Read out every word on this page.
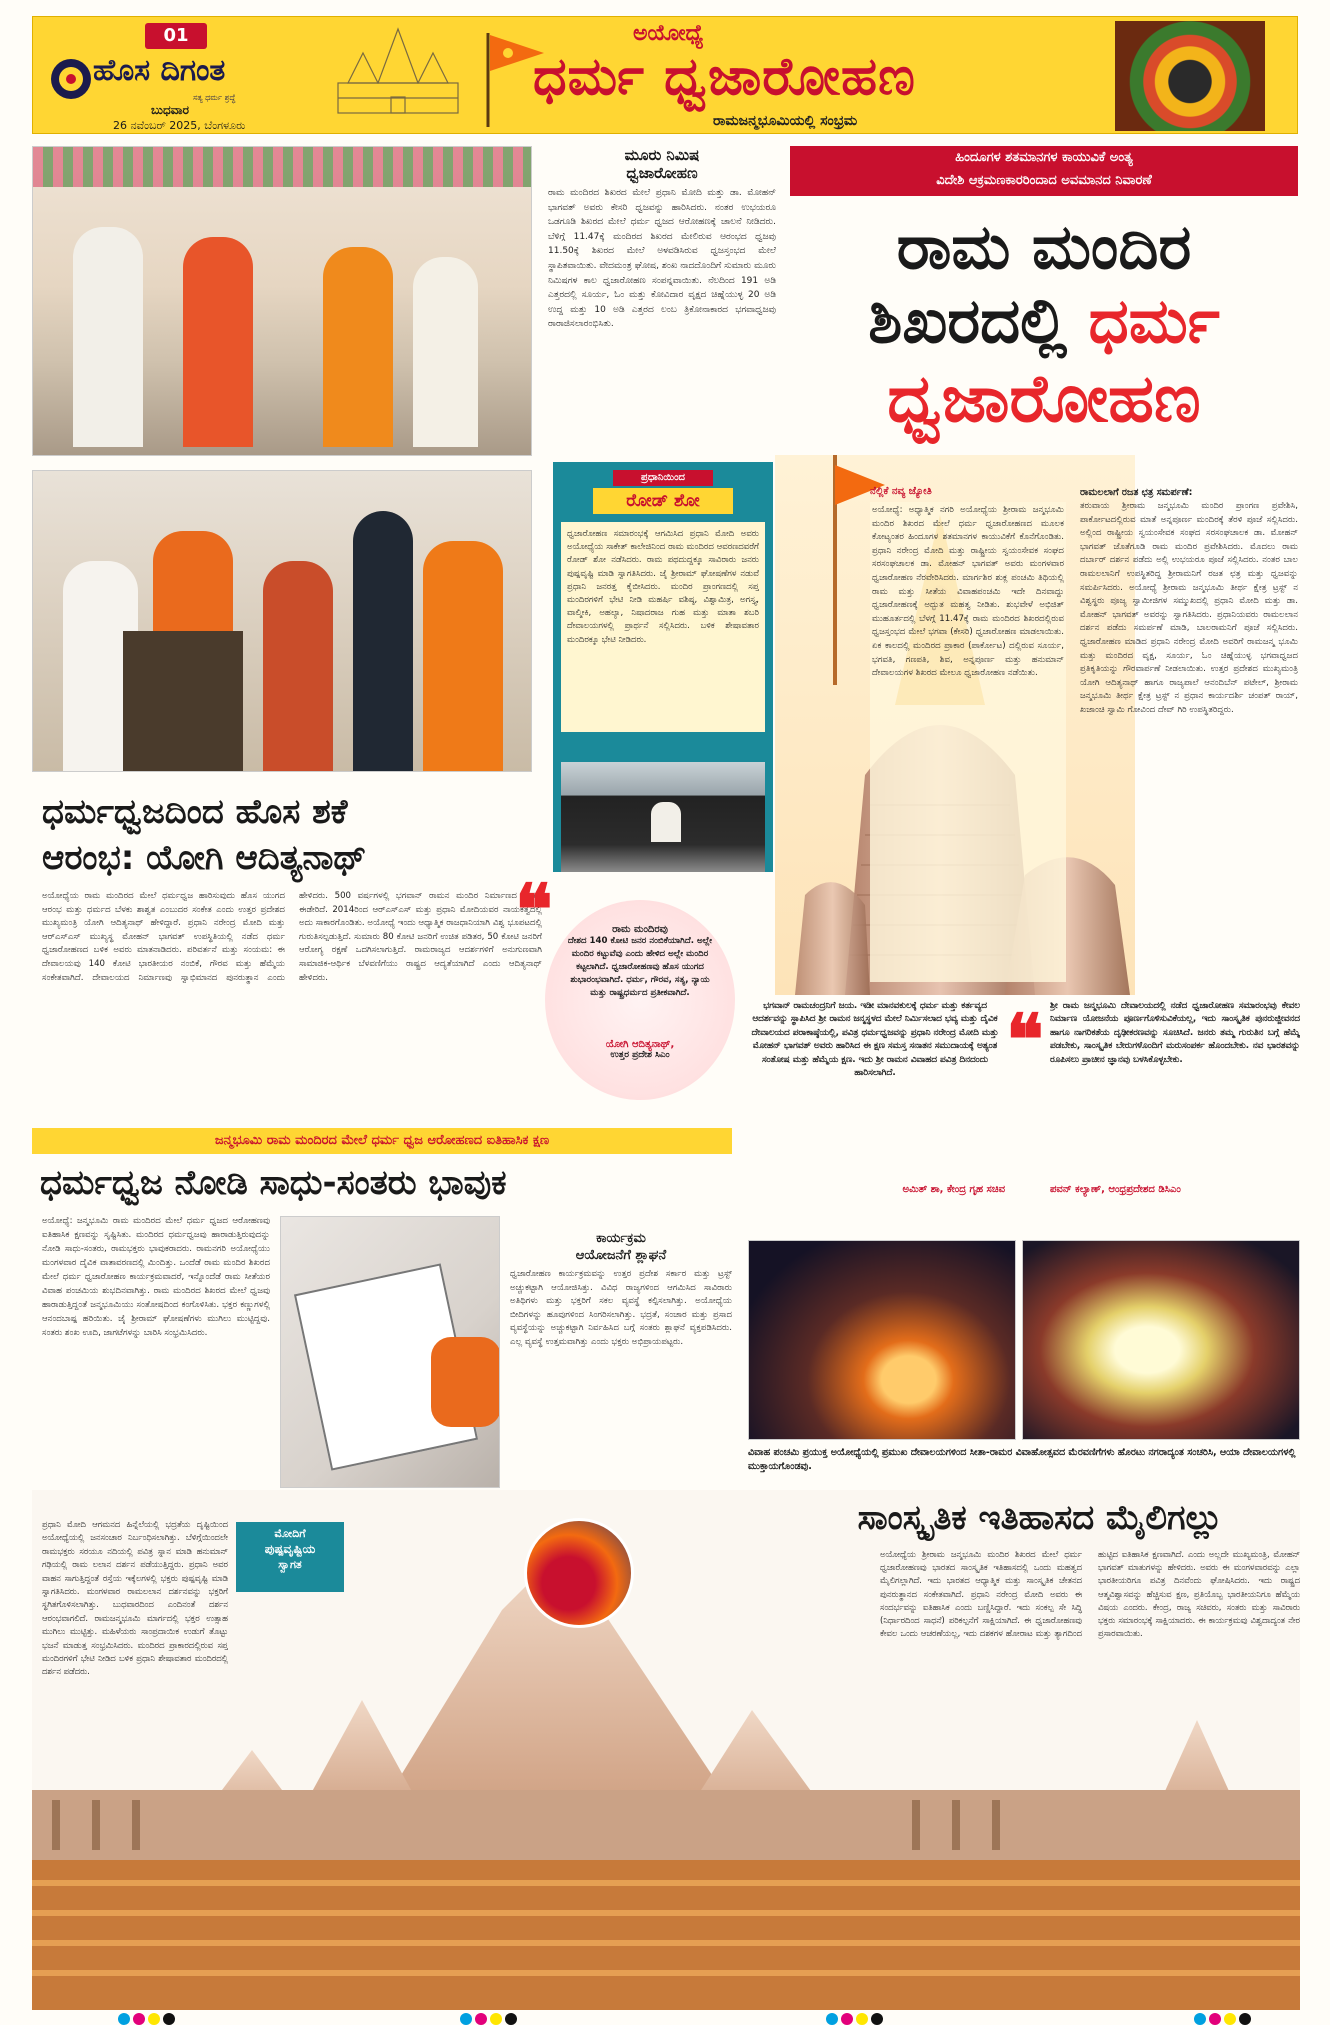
01
ಹೊಸ ದಿಗಂತ
ಸತ್ಯ ಧರ್ಮ ಶ್ರದ್ಧೆ
ಬುಧವಾರ
26 ನವೆಂಬರ್ 2025, ಬೆಂಗಳೂರು
ಅಯೋಧ್ಯೆ
ಧರ್ಮ ಧ್ವಜಾರೋಹಣ
ರಾಮಜನ್ಮಭೂಮಿಯಲ್ಲಿ ಸಂಭ್ರಮ
ಮೂರು ನಿಮಿಷ
ಧ್ವಜಾರೋಹಣ
ರಾಮ ಮಂದಿರದ ಶಿಖರದ ಮೇಲೆ ಪ್ರಧಾನಿ ಮೋದಿ ಮತ್ತು ಡಾ. ಮೋಹನ್ ಭಾಗವತ್ ಅವರು ಕೇಸರಿ ಧ್ವಜವನ್ನು ಹಾರಿಸಿದರು. ನಂತರ ಉಭಯರೂ ಒಡಗೂಡಿ ಶಿಖರದ ಮೇಲೆ ಧರ್ಮ ಧ್ವಜದ ಆರೋಹಣಕ್ಕೆ ಚಾಲನೆ ನೀಡಿದರು. ಬೆಳಿಗ್ಗೆ 11.47ಕ್ಕೆ ಮಂದಿರದ ಶಿಖರದ ಮೇಲಿರುವ ಆರಂಭದ ಧ್ವಜವು 11.50ಕ್ಕೆ ಶಿಖರದ ಮೇಲೆ ಅಳವಡಿಸಿರುವ ಧ್ವಜಸ್ತಂಭದ ಮೇಲೆ ಸ್ಥಾಪಿತವಾಯಿತು. ವೇದಮಂತ್ರ ಘೋಷ, ಶಂಖ ನಾದದೊಂದಿಗೆ ಸುಮಾರು ಮೂರು ನಿಮಿಷಗಳ ಕಾಲ ಧ್ವಜಾರೋಹಣ ಸಂಪನ್ನವಾಯಿತು. ನೆಲದಿಂದ 191 ಅಡಿ ಎತ್ತರದಲ್ಲಿ ಸೂರ್ಯ, ಓಂ ಮತ್ತು ಕೋವಿದಾರ ವೃಕ್ಷದ ಚಿಹ್ನೆಯುಳ್ಳ 20 ಅಡಿ ಉದ್ದ ಮತ್ತು 10 ಅಡಿ ಎತ್ತರದ ಲಂಬ ತ್ರಿಕೋನಾಕಾರದ ಭಗವಾಧ್ವಜವು ರಾರಾಜಿಸಲಾರಂಭಿಸಿತು.
ಹಿಂದೂಗಳ ಶತಮಾನಗಳ ಕಾಯುವಿಕೆ ಅಂತ್ಯ
ವಿದೇಶಿ ಆಕ್ರಮಣಕಾರರಿಂದಾದ ಅವಮಾನದ ನಿವಾರಣೆ
ರಾಮ ಮಂದಿರ
ಶಿಖರದಲ್ಲಿ ಧರ್ಮ
ಧ್ವಜಾರೋಹಣ
ಪ್ರಧಾನಿಯಿಂದ
ರೋಡ್ ಶೋ
ಧ್ವಜಾರೋಹಣ ಸಮಾರಂಭಕ್ಕೆ ಆಗಮಿಸಿದ ಪ್ರಧಾನಿ ಮೋದಿ ಅವರು ಅಯೋಧ್ಯೆಯ ಸಾಕೇತ್ ಕಾಲೇಜಿನಿಂದ ರಾಮ ಮಂದಿರದ ಆವರಣದವರೆಗೆ ರೋಡ್ ಶೋ ನಡೆಸಿದರು. ರಾಮ ಪಥದುದ್ದಕ್ಕೂ ಸಾವಿರಾರು ಜನರು ಪುಷ್ಪವೃಷ್ಟಿ ಮಾಡಿ ಸ್ವಾಗತಿಸಿದರು. ಜೈ ಶ್ರೀರಾಮ್ ಘೋಷಣೆಗಳ ನಡುವೆ ಪ್ರಧಾನಿ ಜನರತ್ತ ಕೈಬೀಸಿದರು. ಮಂದಿರ ಪ್ರಾಂಗಣದಲ್ಲಿ ಸಪ್ತ ಮಂದಿರಗಳಿಗೆ ಭೇಟಿ ನೀಡಿ ಮಹರ್ಷಿ ವಶಿಷ್ಠ, ವಿಶ್ವಾಮಿತ್ರ, ಅಗಸ್ತ್ಯ, ವಾಲ್ಮೀಕಿ, ಅಹಲ್ಯಾ, ನಿಷಾದರಾಜ ಗುಹ ಮತ್ತು ಮಾತಾ ಶಬರಿ ದೇವಾಲಯಗಳಲ್ಲಿ ಪ್ರಾರ್ಥನೆ ಸಲ್ಲಿಸಿದರು. ಬಳಿಕ ಶೇಷಾವತಾರ ಮಂದಿರಕ್ಕೂ ಭೇಟಿ ನೀಡಿದರು.
ನೆಲ್ಲಿಕೆ ನವ್ಯ ಜ್ಯೋತಿ
ಅಯೋಧ್ಯೆ: ಅಧ್ಯಾತ್ಮಿಕ ನಗರಿ ಅಯೋಧ್ಯೆಯ ಶ್ರೀರಾಮ ಜನ್ಮಭೂಮಿ ಮಂದಿರ ಶಿಖರದ ಮೇಲೆ ಧರ್ಮ ಧ್ವಜಾರೋಹಣದ ಮೂಲಕ ಕೋಟ್ಯಂತರ ಹಿಂದೂಗಳ ಶತಮಾನಗಳ ಕಾಯುವಿಕೆಗೆ ಕೊನೆಗೊಂಡಿತು. ಪ್ರಧಾನಿ ನರೇಂದ್ರ ಮೋದಿ ಮತ್ತು ರಾಷ್ಟ್ರೀಯ ಸ್ವಯಂಸೇವಕ ಸಂಘದ ಸರಸಂಘಚಾಲಕ ಡಾ. ಮೋಹನ್ ಭಾಗವತ್ ಅವರು ಮಂಗಳವಾರ ಧ್ವಜಾರೋಹಣ ನೆರವೇರಿಸಿದರು. ಮಾರ್ಗಶಿರ ಶುಕ್ಲ ಪಂಚಮಿ ತಿಥಿಯಲ್ಲಿ ರಾಮ ಮತ್ತು ಸೀತೆಯ ವಿವಾಹಪಂಚಮಿ ಇದೇ ದಿನವಾದ್ದು ಧ್ವಜಾರೋಹಣಕ್ಕೆ ಅದ್ಭುತ ಮಹತ್ವ ನೀಡಿತು. ಶುಭವೇಳೆ ಅಭಿಜಿತ್ ಮುಹೂರ್ತದಲ್ಲಿ ಬೆಳಗ್ಗೆ 11.47ಕ್ಕೆ ರಾಮ ಮಂದಿರದ ಶಿಖರದಲ್ಲಿರುವ ಧ್ವಜಸ್ತಂಭದ ಮೇಲೆ ಭಗವಾ (ಕೇಸರಿ) ಧ್ವಜಾರೋಹಣ ಮಾಡಲಾಯಿತು. ಏಕ ಕಾಲದಲ್ಲಿ ಮಂದಿರದ ಪ್ರಾಕಾರ (ಪಾರ್ಕೋಟ) ದಲ್ಲಿರುವ ಸೂರ್ಯ, ಭಗವತಿ, ಗಣಪತಿ, ಶಿವ, ಅನ್ನಪೂರ್ಣ ಮತ್ತು ಹನುಮಾನ್ ದೇವಾಲಯಗಳ ಶಿಖರದ ಮೇಲೂ ಧ್ವಜಾರೋಹಣ ನಡೆಯಿತು.
ರಾಮಲಲಾಗೆ ರಜತ ಛತ್ರ ಸಮರ್ಪಣೆ:
ತರುವಾಯ ಶ್ರೀರಾಮ ಜನ್ಮಭೂಮಿ ಮಂದಿರ ಪ್ರಾಂಗಣ ಪ್ರವೇಶಿಸಿ, ಪಾರ್ಕೋಟದಲ್ಲಿರುವ ಮಾತೆ ಅನ್ನಪೂರ್ಣ ಮಂದಿರಕ್ಕೆ ತೆರಳಿ ಪೂಜೆ ಸಲ್ಲಿಸಿದರು. ಅಲ್ಲಿಂದ ರಾಷ್ಟ್ರೀಯ ಸ್ವಯಂಸೇವಕ ಸಂಘದ ಸರಸಂಘಚಾಲಕ ಡಾ. ಮೋಹನ್ ಭಾಗವತ್ ಜೊತೆಗೂಡಿ ರಾಮ ಮಂದಿರ ಪ್ರವೇಶಿಸಿದರು. ಮೊದಲು ರಾಮ ದರ್ಬಾರ್ ದರ್ಶನ ಪಡೆದು ಅಲ್ಲಿ ಉಭಯರೂ ಪೂಜೆ ಸಲ್ಲಿಸಿದರು. ನಂತರ ಬಾಲ ರಾಮಲಲಾನಿಗೆ ಉಪಸ್ಥಿತರಿದ್ದ ಶ್ರೀರಾಮನಿಗೆ ರಜತ ಛತ್ರ ಮತ್ತು ಧ್ವಜವನ್ನು ಸಮರ್ಪಿಸಿದರು. ಅಯೋಧ್ಯೆ ಶ್ರೀರಾಮ ಜನ್ಮಭೂಮಿ ತೀರ್ಥ ಕ್ಷೇತ್ರ ಟ್ರಸ್ಟ್ ನ ವಿಶ್ವಸ್ಥರು ಪೂಜ್ಯ ಸ್ವಾಮೀಜಿಗಳ ಸಮ್ಮುಖದಲ್ಲಿ ಪ್ರಧಾನಿ ಮೋದಿ ಮತ್ತು ಡಾ. ಮೋಹನ್ ಭಾಗವತ್ ಅವರನ್ನು ಸ್ವಾಗತಿಸಿದರು. ಪ್ರಧಾನಿಯವರು ರಾಮಲಲಾನ ದರ್ಶನ ಪಡೆದು ಸಮರ್ಪಣೆ ಮಾಡಿ, ಬಾಲರಾಮನಿಗೆ ಪೂಜೆ ಸಲ್ಲಿಸಿದರು. ಧ್ವಜಾರೋಹಣ ಮಾಡಿದ ಪ್ರಧಾನಿ ನರೇಂದ್ರ ಮೋದಿ ಅವರಿಗೆ ರಾಮಜನ್ಮ ಭೂಮಿ ಮತ್ತು ಮಂದಿರದ ವೃಕ್ಷ, ಸೂರ್ಯ, ಓಂ ಚಿಹ್ನೆಯುಳ್ಳ ಭಗವಾಧ್ವಜದ ಪ್ರತಿಕೃತಿಯನ್ನು ಗೌರವಾರ್ಪಣೆ ನೀಡಲಾಯಿತು. ಉತ್ತರ ಪ್ರದೇಶದ ಮುಖ್ಯಮಂತ್ರಿ ಯೋಗಿ ಆದಿತ್ಯನಾಥ್ ಹಾಗೂ ರಾಜ್ಯಪಾಲೆ ಆನಂದಿಬೆನ್ ಪಟೇಲ್, ಶ್ರೀರಾಮ ಜನ್ಮಭೂಮಿ ತೀರ್ಥ ಕ್ಷೇತ್ರ ಟ್ರಸ್ಟ್ ನ ಪ್ರಧಾನ ಕಾರ್ಯದರ್ಶಿ ಚಂಪತ್ ರಾಯ್, ಖಜಾಂಚಿ ಸ್ವಾಮಿ ಗೋವಿಂದ ದೇವ್ ಗಿರಿ ಉಪಸ್ಥಿತರಿದ್ದರು.
ಧರ್ಮಧ್ವಜದಿಂದ ಹೊಸ ಶಕೆ
ಆರಂಭ: ಯೋಗಿ ಆದಿತ್ಯನಾಥ್
ಅಯೋಧ್ಯೆಯ ರಾಮ ಮಂದಿರದ ಮೇಲೆ ಧರ್ಮಧ್ವಜ ಹಾರಿಸುವುದು ಹೊಸ ಯುಗದ ಆರಂಭ ಮತ್ತು ಧರ್ಮದ ಬೆಳಕು ಶಾಶ್ವತ ಎಂಬುದರ ಸಂಕೇತ ಎಂದು ಉತ್ತರ ಪ್ರದೇಶದ ಮುಖ್ಯಮಂತ್ರಿ ಯೋಗಿ ಆದಿತ್ಯನಾಥ್ ಹೇಳಿದ್ದಾರೆ. ಪ್ರಧಾನಿ ನರೇಂದ್ರ ಮೋದಿ ಮತ್ತು ಆರ್‌ಎಸ್‌ಎಸ್ ಮುಖ್ಯಸ್ಥ ಮೋಹನ್ ಭಾಗವತ್ ಉಪಸ್ಥಿತಿಯಲ್ಲಿ ನಡೆದ ಧರ್ಮ ಧ್ವಜಾರೋಹಣದ ಬಳಿಕ ಅವರು ಮಾತನಾಡಿದರು. ಪರಿವರ್ತನೆ ಮತ್ತು ಸಂಯಮ: ಈ ದೇವಾಲಯವು 140 ಕೋಟಿ ಭಾರತೀಯರ ನಂಬಿಕೆ, ಗೌರವ ಮತ್ತು ಹೆಮ್ಮೆಯ ಸಂಕೇತವಾಗಿದೆ. ದೇವಾಲಯದ ನಿರ್ಮಾಣವು ಸ್ವಾಭಿಮಾನದ ಪುನರುತ್ಥಾನ ಎಂದು ಹೇಳಿದರು. 500 ವರ್ಷಗಳಲ್ಲಿ ಭಗವಾನ್ ರಾಮನ ಮಂದಿರ ನಿರ್ಮಾಣದ ಸಂಕಲ್ಪ ಈಡೇರಿದೆ. 2014ರಿಂದ ಆರ್‌ಎಸ್‌ಎಸ್ ಮತ್ತು ಪ್ರಧಾನಿ ಮೋದಿಯವರ ನಾಯಕತ್ವದಲ್ಲಿ ಅದು ಸಾಕಾರಗೊಂಡಿತು. ಅಯೋಧ್ಯೆ ಇಂದು ಆಧ್ಯಾತ್ಮಿಕ ರಾಜಧಾನಿಯಾಗಿ ವಿಶ್ವ ಭೂಪಟದಲ್ಲಿ ಗುರುತಿಸಲ್ಪಡುತ್ತಿದೆ. ಸುಮಾರು 80 ಕೋಟಿ ಜನರಿಗೆ ಉಚಿತ ಪಡಿತರ, 50 ಕೋಟಿ ಜನರಿಗೆ ಆರೋಗ್ಯ ರಕ್ಷಣೆ ಒದಗಿಸಲಾಗುತ್ತಿದೆ. ರಾಮರಾಜ್ಯದ ಆದರ್ಶಗಳಿಗೆ ಅನುಗುಣವಾಗಿ ಸಾಮಾಜಿಕ-ಆರ್ಥಿಕ ಬೆಳವಣಿಗೆಯು ರಾಷ್ಟ್ರದ ಆದ್ಯತೆಯಾಗಿದೆ ಎಂದು ಆದಿತ್ಯನಾಥ್ ಹೇಳಿದರು.
❝	ರಾಮ ಮಂದಿರವು
ದೇಶದ 140 ಕೋಟಿ ಜನರ ನಂಬಿಕೆಯಾಗಿದೆ. ಅಲ್ಲೇ ಮಂದಿರ ಕಟ್ಟುವೆವು ಎಂದು ಹೇಳಿದ ಅಲ್ಲೇ ಮಂದಿರ ಕಟ್ಟಲಾಗಿದೆ. ಧ್ವಜಾರೋಹಣವು ಹೊಸ ಯುಗದ ಶುಭಾರಂಭವಾಗಿದೆ. ಧರ್ಮ, ಗೌರವ, ಸತ್ಯ, ನ್ಯಾಯ ಮತ್ತು ರಾಷ್ಟ್ರಧರ್ಮದ ಪ್ರತೀಕವಾಗಿದೆ.
ಯೋಗಿ ಆದಿತ್ಯನಾಥ್,
ಉತ್ತರ ಪ್ರದೇಶ ಸಿಎಂ
ಜನ್ಮಭೂಮಿ ರಾಮ ಮಂದಿರದ ಮೇಲೆ ಧರ್ಮ ಧ್ವಜ ಆರೋಹಣದ ಐತಿಹಾಸಿಕ ಕ್ಷಣ
ಧರ್ಮಧ್ವಜ ನೋಡಿ ಸಾಧು-ಸಂತರು ಭಾವುಕ
ಅಯೋಧ್ಯೆ: ಜನ್ಮಭೂಮಿ ರಾಮ ಮಂದಿರದ ಮೇಲೆ ಧರ್ಮ ಧ್ವಜದ ಆರೋಹಣವು ಐತಿಹಾಸಿಕ ಕ್ಷಣವನ್ನು ಸೃಷ್ಟಿಸಿತು. ಮಂದಿರದ ಧರ್ಮಧ್ವಜವು ಹಾರಾಡುತ್ತಿರುವುದನ್ನು ನೋಡಿ ಸಾಧು-ಸಂತರು, ರಾಮಭಕ್ತರು ಭಾವುಕರಾದರು. ರಾಮನಗರಿ ಅಯೋಧ್ಯೆಯು ಮಂಗಳವಾರ ದೈವಿಕ ವಾತಾವರಣದಲ್ಲಿ ಮಿಂದಿತ್ತು. ಒಂದೆಡೆ ರಾಮ ಮಂದಿರ ಶಿಖರದ ಮೇಲೆ ಧರ್ಮ ಧ್ವಜಾರೋಹಣ ಕಾರ್ಯಕ್ರಮವಾದರೆ, ಇನ್ನೊಂದೆಡೆ ರಾಮ ಸೀತೆಯರ ವಿವಾಹ ಪಂಚಮಿಯ ಶುಭದಿನವಾಗಿತ್ತು. ರಾಮ ಮಂದಿರದ ಶಿಖರದ ಮೇಲೆ ಧ್ವಜವು ಹಾರಾಡುತ್ತಿದ್ದಂತೆ ಜನ್ಮಭೂಮಿಯು ಸಂತೋಷದಿಂದ ಕಂಗೊಳಿಸಿತು. ಭಕ್ತರ ಕಣ್ಣುಗಳಲ್ಲಿ ಆನಂದಬಾಷ್ಪ ಹರಿಯಿತು. ಜೈ ಶ್ರೀರಾಮ್ ಘೋಷಣೆಗಳು ಮುಗಿಲು ಮುಟ್ಟಿದ್ದವು. ಸಂತರು ಶಂಖ ಊದಿ, ಜಾಗಟೆಗಳನ್ನು ಬಾರಿಸಿ ಸಂಭ್ರಮಿಸಿದರು.
ಕಾರ್ಯಕ್ರಮ
ಆಯೋಜನೆಗೆ ಶ್ಲಾಘನೆ
ಧ್ವಜಾರೋಹಣ ಕಾರ್ಯಕ್ರಮವನ್ನು ಉತ್ತರ ಪ್ರದೇಶ ಸರ್ಕಾರ ಮತ್ತು ಟ್ರಸ್ಟ್ ಅಚ್ಚುಕಟ್ಟಾಗಿ ಆಯೋಜಿಸಿತ್ತು. ವಿವಿಧ ರಾಜ್ಯಗಳಿಂದ ಆಗಮಿಸಿದ ಸಾವಿರಾರು ಅತಿಥಿಗಳು ಮತ್ತು ಭಕ್ತರಿಗೆ ಸಕಲ ವ್ಯವಸ್ಥೆ ಕಲ್ಪಿಸಲಾಗಿತ್ತು. ಅಯೋಧ್ಯೆಯ ಬೀದಿಗಳನ್ನು ಹೂವುಗಳಿಂದ ಸಿಂಗರಿಸಲಾಗಿತ್ತು. ಭದ್ರತೆ, ಸಂಚಾರ ಮತ್ತು ಪ್ರಸಾದ ವ್ಯವಸ್ಥೆಯನ್ನು ಅಚ್ಚುಕಟ್ಟಾಗಿ ನಿರ್ವಹಿಸಿದ ಬಗ್ಗೆ ಸಂತರು ಶ್ಲಾಘನೆ ವ್ಯಕ್ತಪಡಿಸಿದರು. ಎಲ್ಲ ವ್ಯವಸ್ಥೆ ಉತ್ತಮವಾಗಿತ್ತು ಎಂದು ಭಕ್ತರು ಅಭಿಪ್ರಾಯಪಟ್ಟರು.
ಭಗವಾನ್ ರಾಮಚಂದ್ರನಿಗೆ ಜಯ. ಇಡೀ ಮಾನವಕುಲಕ್ಕೆ ಧರ್ಮ ಮತ್ತು ಕರ್ತವ್ಯದ ಆದರ್ಶವನ್ನು ಸ್ಥಾಪಿಸಿದ ಶ್ರೀ ರಾಮನ ಜನ್ಮಸ್ಥಳದ ಮೇಲೆ ನಿರ್ಮಿಸಲಾದ ಭವ್ಯ ಮತ್ತು ದೈವಿಕ ದೇವಾಲಯದ ಪರಾಕಾಷ್ಠೆಯಲ್ಲಿ, ಪವಿತ್ರ ಧರ್ಮಧ್ವಜವನ್ನು ಪ್ರಧಾನಿ ನರೇಂದ್ರ ಮೋದಿ ಮತ್ತು ಮೋಹನ್ ಭಾಗವತ್ ಅವರು ಹಾರಿಸಿದ ಈ ಕ್ಷಣ ಸಮಸ್ತ ಸನಾತನ ಸಮುದಾಯಕ್ಕೆ ಅತ್ಯಂತ ಸಂತೋಷ ಮತ್ತು ಹೆಮ್ಮೆಯ ಕ್ಷಣ. ಇದು ಶ್ರೀ ರಾಮನ ವಿವಾಹದ ಪವಿತ್ರ ದಿನದಂದು ಹಾರಿಸಲಾಗಿದೆ.
ಅಮಿತ್ ಶಾ, ಕೇಂದ್ರ ಗೃಹ ಸಚಿವ
❝ ಶ್ರೀ ರಾಮ ಜನ್ಮಭೂಮಿ ದೇವಾಲಯದಲ್ಲಿ ನಡೆದ ಧ್ವಜಾರೋಹಣ ಸಮಾರಂಭವು ಕೇವಲ ನಿರ್ಮಾಣ ಯೋಜನೆಯ ಪೂರ್ಣಗೊಳಿಸುವಿಕೆಯಲ್ಲ, ಇದು ಸಾಂಸ್ಕೃತಿಕ ಪುನರುಜ್ಜೀವನದ ಹಾಗೂ ನಾಗರಿಕತೆಯ ದೃಢೀಕರಣವನ್ನು ಸೂಚಿಸಿದೆ. ಜನರು ತಮ್ಮ ಗುರುತಿನ ಬಗ್ಗೆ ಹೆಮ್ಮೆ ಪಡಬೇಕು, ಸಾಂಸ್ಕೃತಿಕ ಬೇರುಗಳೊಂದಿಗೆ ಮರುಸಂಪರ್ಕ ಹೊಂದಬೇಕು. ನವ ಭಾರತವನ್ನು ರೂಪಿಸಲು ಪ್ರಾಚೀನ ಜ್ಞಾನವು ಬಳಸಿಕೊಳ್ಳಬೇಕು.
ಪವನ್ ಕಲ್ಯಾಣ್, ಆಂಧ್ರಪ್ರದೇಶದ ಡಿಸಿಎಂ
ವಿವಾಹ ಪಂಚಮಿ ಪ್ರಯುಕ್ತ ಅಯೋಧ್ಯೆಯಲ್ಲಿ ಪ್ರಮುಖ ದೇವಾಲಯಗಳಿಂದ ಸೀತಾ-ರಾಮರ ವಿವಾಹೋತ್ಸವದ ಮೆರವಣಿಗೆಗಳು ಹೊರಟು ನಗರಾದ್ಯಂತ ಸಂಚರಿಸಿ, ಆಯಾ ದೇವಾಲಯಗಳಲ್ಲಿ ಮುಕ್ತಾಯಗೊಂಡವು.
ಮೋದಿಗೆ
ಪುಷ್ಪವೃಷ್ಟಿಯ
ಸ್ವಾಗತ
ಪ್ರಧಾನಿ ಮೋದಿ ಆಗಮನದ ಹಿನ್ನೆಲೆಯಲ್ಲಿ ಭದ್ರತೆಯ ದೃಷ್ಟಿಯಿಂದ ಅಯೋಧ್ಯೆಯಲ್ಲಿ ಜನಸಂಚಾರ ನಿರ್ಬಂಧಿಸಲಾಗಿತ್ತು. ಬೆಳಿಗ್ಗೆಯಿಂದಲೇ ರಾಮಭಕ್ತರು ಸರಯೂ ನದಿಯಲ್ಲಿ ಪವಿತ್ರ ಸ್ನಾನ ಮಾಡಿ ಹನುಮಾನ್ ಗಢಿಯಲ್ಲಿ ರಾಮ ಲಲಾನ ದರ್ಶನ ಪಡೆಯುತ್ತಿದ್ದರು. ಪ್ರಧಾನಿ ಅವರ ವಾಹನ ಸಾಗುತ್ತಿದ್ದಂತೆ ರಸ್ತೆಯ ಇಕ್ಕೆಲಗಳಲ್ಲಿ ಭಕ್ತರು ಪುಷ್ಪವೃಷ್ಟಿ ಮಾಡಿ ಸ್ವಾಗತಿಸಿದರು. ಮಂಗಳವಾರ ರಾಮಲಲಾನ ದರ್ಶನವನ್ನು ಭಕ್ತರಿಗೆ ಸ್ಥಗಿತಗೊಳಿಸಲಾಗಿತ್ತು. ಬುಧವಾರದಿಂದ ಎಂದಿನಂತೆ ದರ್ಶನ ಆರಂಭವಾಗಲಿದೆ. ರಾಮಜನ್ಮಭೂಮಿ ಮಾರ್ಗದಲ್ಲಿ ಭಕ್ತರ ಉತ್ಸಾಹ ಮುಗಿಲು ಮುಟ್ಟಿತ್ತು. ಮಹಿಳೆಯರು ಸಾಂಪ್ರದಾಯಿಕ ಉಡುಗೆ ತೊಟ್ಟು ಭಜನೆ ಮಾಡುತ್ತ ಸಂಭ್ರಮಿಸಿದರು. ಮಂದಿರದ ಪ್ರಾಕಾರದಲ್ಲಿರುವ ಸಪ್ತ ಮಂದಿರಗಳಿಗೆ ಭೇಟಿ ನೀಡಿದ ಬಳಿಕ ಪ್ರಧಾನಿ ಶೇಷಾವತಾರ ಮಂದಿರದಲ್ಲಿ ದರ್ಶನ ಪಡೆದರು.
ಸಾಂಸ್ಕೃತಿಕ ಇತಿಹಾಸದ ಮೈಲಿಗಲ್ಲು
ಅಯೋಧ್ಯೆಯ ಶ್ರೀರಾಮ ಜನ್ಮಭೂಮಿ ಮಂದಿರ ಶಿಖರದ ಮೇಲೆ ಧರ್ಮ ಧ್ವಜಾರೋಹಣವು ಭಾರತದ ಸಾಂಸ್ಕೃತಿಕ ಇತಿಹಾಸದಲ್ಲಿ ಒಂದು ಮಹತ್ವದ ಮೈಲಿಗಲ್ಲಾಗಿದೆ. ಇದು ಭಾರತದ ಆಧ್ಯಾತ್ಮಿಕ ಮತ್ತು ಸಾಂಸ್ಕೃತಿಕ ಚೇತನದ ಪುನರುತ್ಥಾನದ ಸಂಕೇತವಾಗಿದೆ. ಪ್ರಧಾನಿ ನರೇಂದ್ರ ಮೋದಿ ಅವರು ಈ ಸಂದರ್ಭವನ್ನು ಐತಿಹಾಸಿಕ ಎಂದು ಬಣ್ಣಿಸಿದ್ದಾರೆ. ಇದು ಸಂಕಲ್ಪ ಸೇ ಸಿದ್ಧಿ (ನಿರ್ಧಾರದಿಂದ ಸಾಧನೆ) ಪರಿಕಲ್ಪನೆಗೆ ಸಾಕ್ಷಿಯಾಗಿದೆ. ಈ ಧ್ವಜಾರೋಹಣವು ಕೇವಲ ಒಂದು ಆಚರಣೆಯಲ್ಲ, ಇದು ದಶಕಗಳ ಹೋರಾಟ ಮತ್ತು ತ್ಯಾಗದಿಂದ ಹುಟ್ಟಿದ ಐತಿಹಾಸಿಕ ಕ್ಷಣವಾಗಿದೆ. ಎಂದು ಅಲ್ಲದೇ ಮುಖ್ಯಮಂತ್ರಿ, ಮೋಹನ್ ಭಾಗವತ್ ಮಾತುಗಳನ್ನು ಹೇಳಿದರು. ಅವರು ಈ ಮಂಗಳವಾರವನ್ನು ಎಲ್ಲಾ ಭಾರತೀಯರಿಗೂ ಪವಿತ್ರ ದಿನವೆಂದು ಘೋಷಿಸಿದರು. ಇದು ರಾಷ್ಟ್ರದ ಆತ್ಮವಿಶ್ವಾಸವನ್ನು ಹೆಚ್ಚಿಸುವ ಕ್ಷಣ, ಪ್ರತಿಯೊಬ್ಬ ಭಾರತೀಯನಿಗೂ ಹೆಮ್ಮೆಯ ವಿಷಯ ಎಂದರು. ಕೇಂದ್ರ, ರಾಜ್ಯ ಸಚಿವರು, ಸಂತರು ಮತ್ತು ಸಾವಿರಾರು ಭಕ್ತರು ಸಮಾರಂಭಕ್ಕೆ ಸಾಕ್ಷಿಯಾದರು. ಈ ಕಾರ್ಯಕ್ರಮವು ವಿಶ್ವದಾದ್ಯಂತ ನೇರ ಪ್ರಸಾರವಾಯಿತು.
